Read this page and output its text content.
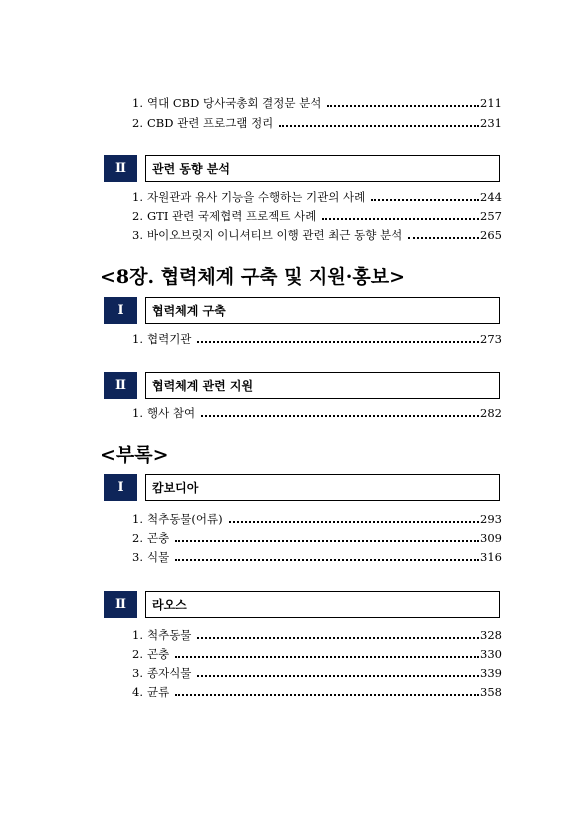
1. 역대 CBD 당사국총회 결정문 분석	211
2. CBD 관련 프로그램 정리	231
Ⅱ	관련 동향 분석
1. 자원관과 유사 기능을 수행하는 기관의 사례	244
2. GTI 관련 국제협력 프로젝트 사례	257
3. 바이오브릿지 이니셔티브 이행 관련 최근 동향 분석	265
<8장. 협력체계 구축 및 지원·홍보>
Ⅰ	협력체계 구축
1. 협력기관	273
Ⅱ	협력체계 관련 지원
1. 행사 참여	282
<부록>
Ⅰ	캄보디아
1. 척추동물(어류)	293
2. 곤충	309
3. 식물	316
Ⅱ	라오스
1. 척추동물	328
2. 곤충	330
3. 종자식물	339
4. 균류	358
